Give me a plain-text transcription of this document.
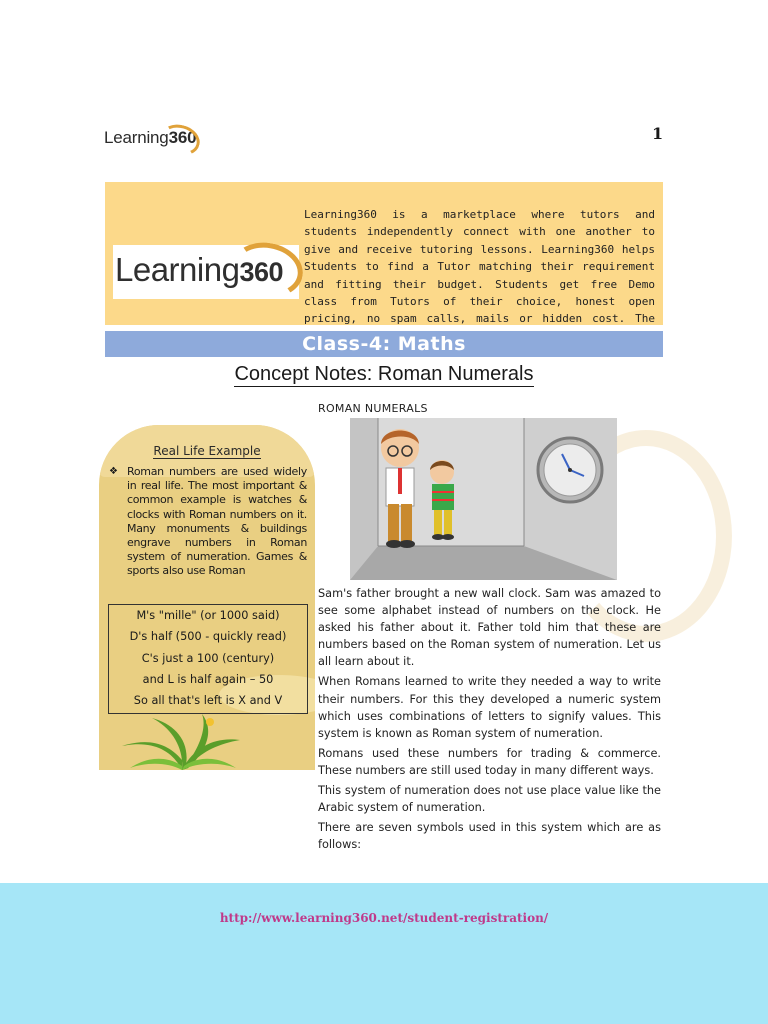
Learning360	1
Learning360
Learning360 is a marketplace where tutors and students independently connect with one another to give and receive tutoring lessons. Learning360 helps Students to find a Tutor matching their requirement and fitting their budget. Students get free Demo class from Tutors of their choice, honest open pricing, no spam calls, mails or hidden cost. The
Class-4: Maths
Concept Notes: Roman Numerals
Real Life Example
❖ Roman numbers are used widely in real life. The most important & common example is watches & clocks with Roman numbers on it. Many monuments & buildings engrave numbers in Roman system of numeration. Games & sports also use Roman
M's "mille" (or 1000 said)
D's half (500 - quickly read)
C's just a 100 (century)
and L is half again – 50
So all that's left is X and V
ROMAN NUMERALS

Sam's father brought a new wall clock. Sam was amazed to see some alphabet instead of numbers on the clock. He asked his father about it. Father told him that these are numbers based on the Roman system of numeration. Let us all learn about it.

When Romans learned to write they needed a way to write their numbers. For this they developed a numeric system which uses combinations of letters to signify values. This system is known as Roman system of numeration.

Romans used these numbers for trading & commerce. These numbers are still used today in many different ways.

This system of numeration does not use place value like the Arabic system of numeration.

There are seven symbols used in this system which are as follows:

http://www.learning360.net/student-registration/
